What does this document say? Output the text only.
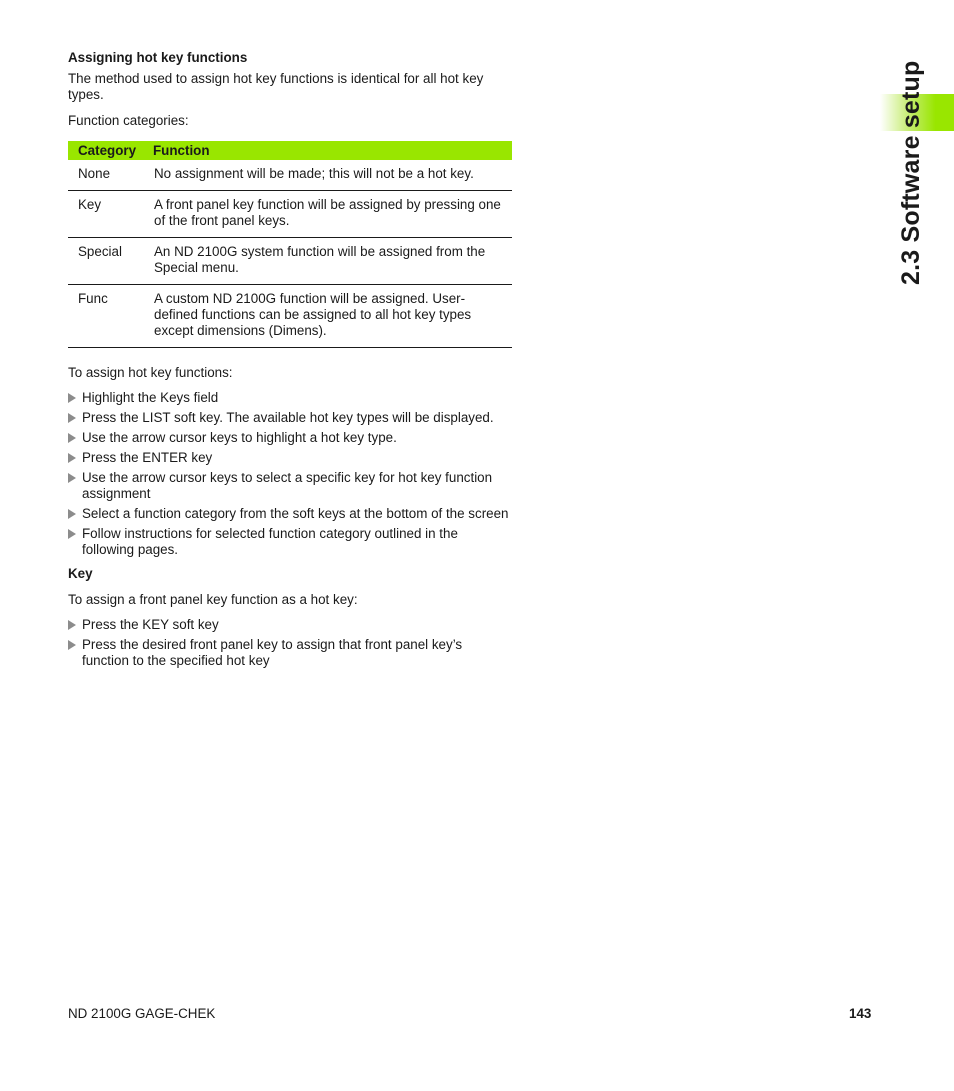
2.3 Software setup
Assigning hot key functions

The method used to assign hot key functions is identical for all hot key types.

Function categories:

Category	Function
None	No assignment will be made; this will not be a hot key.
Key	A front panel key function will be assigned by pressing one of the front panel keys.
Special	An ND 2100G system function will be assigned from the Special menu.
Func	A custom ND 2100G function will be assigned. User-defined functions can be assigned to all hot key types except dimensions (Dimens).

To assign hot key functions:

Highlight the Keys field
Press the LIST soft key. The available hot key types will be displayed.
Use the arrow cursor keys to highlight a hot key type.
Press the ENTER key
Use the arrow cursor keys to select a specific key for hot key function assignment
Select a function category from the soft keys at the bottom of the screen
Follow instructions for selected function category outlined in the following pages.
Key

To assign a front panel key function as a hot key:

Press the KEY soft key
Press the desired front panel key to assign that front panel key’s function to the specified hot key
ND 2100G GAGE-CHEK	143
